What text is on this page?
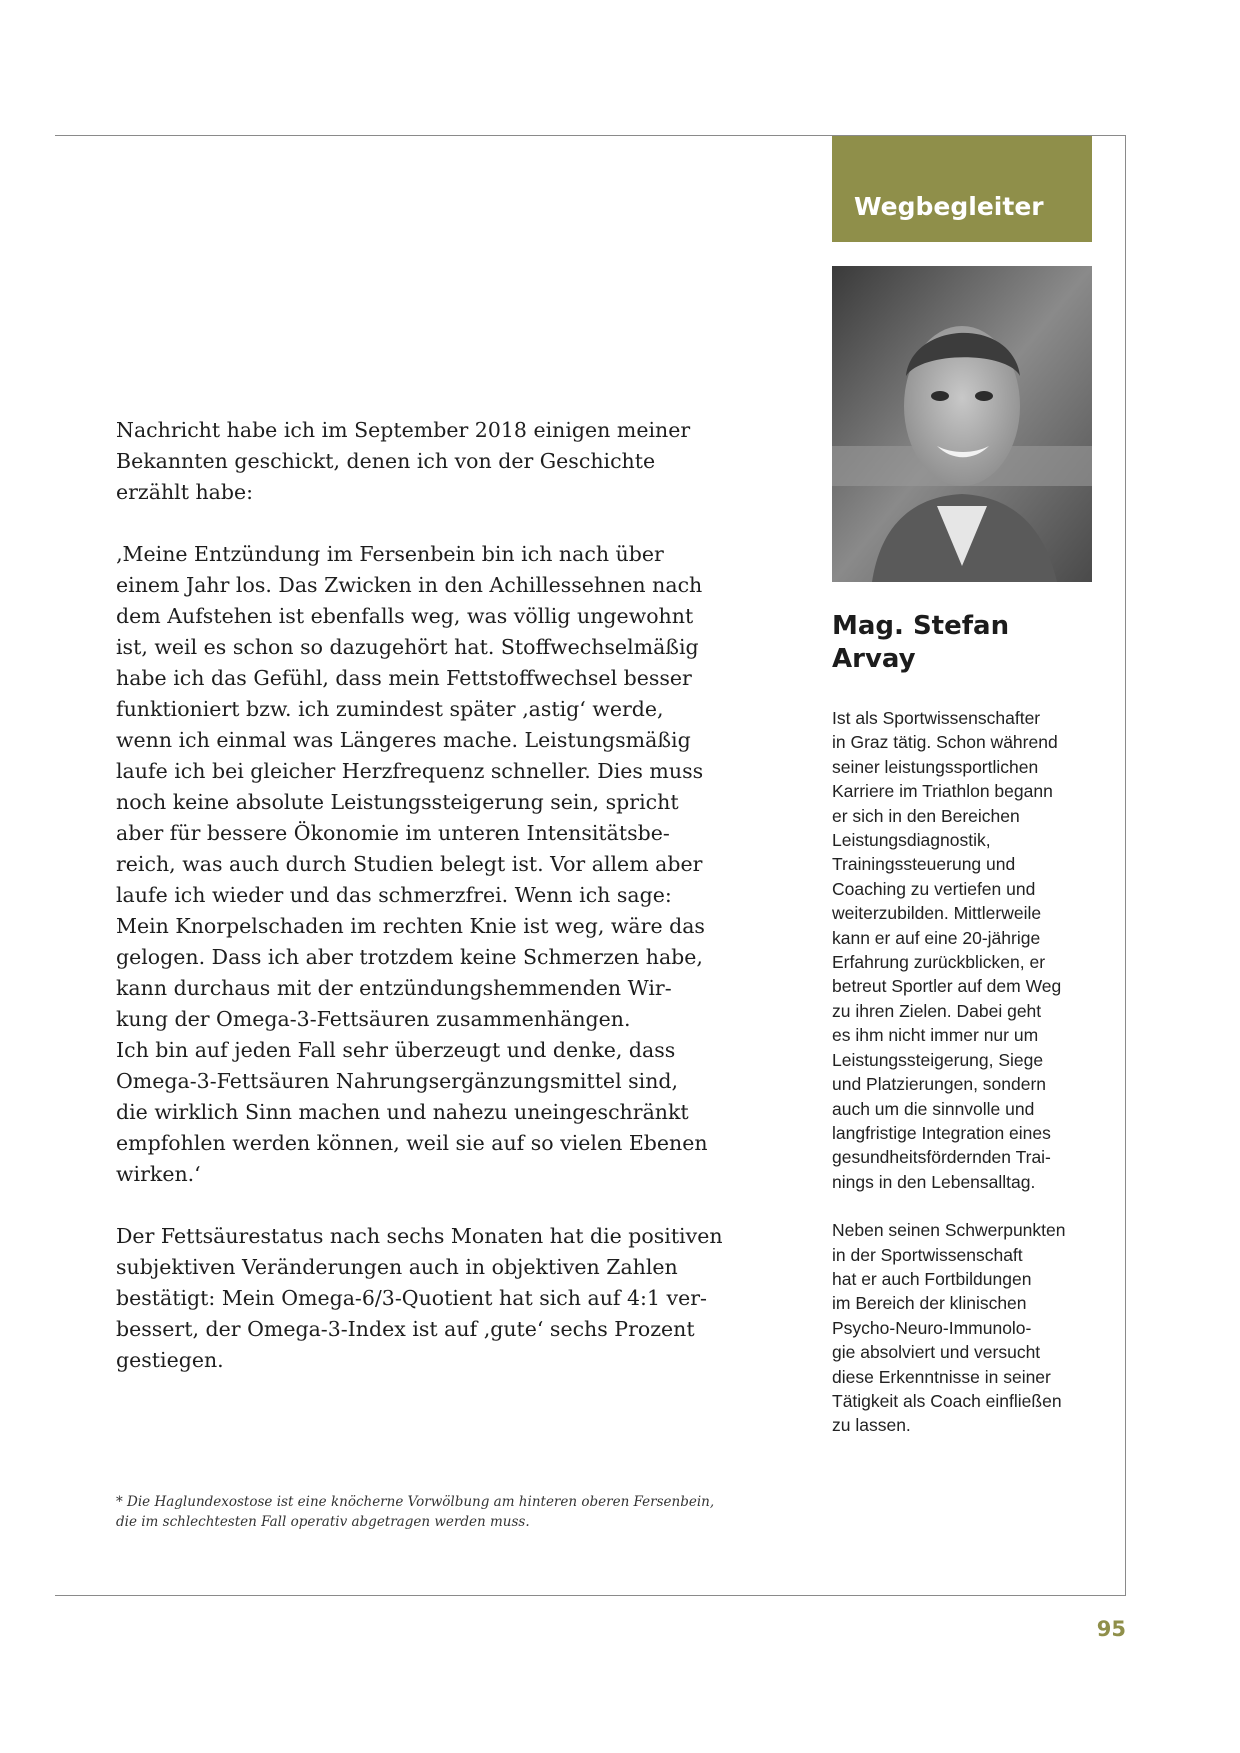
Nachricht habe ich im September 2018 einigen meiner
Bekannten geschickt, denen ich von der Geschichte
erzählt habe:

‚Meine Entzündung im Fersenbein bin ich nach über
einem Jahr los. Das Zwicken in den Achillessehnen nach
dem Aufstehen ist ebenfalls weg, was völlig ungewohnt
ist, weil es schon so dazugehört hat. Stoffwechselmäßig
habe ich das Gefühl, dass mein Fettstoffwechsel besser
funktioniert bzw. ich zumindest später ‚astig‘ werde,
wenn ich einmal was Längeres mache. Leistungsmäßig
laufe ich bei gleicher Herzfrequenz schneller. Dies muss
noch keine absolute Leistungssteigerung sein, spricht
aber für bessere Ökonomie im unteren Intensitätsbe-
reich, was auch durch Studien belegt ist. Vor allem aber
laufe ich wieder und das schmerzfrei. Wenn ich sage:
Mein Knorpelschaden im rechten Knie ist weg, wäre das
gelogen. Dass ich aber trotzdem keine Schmerzen habe,
kann durchaus mit der entzündungshemmenden Wir-
kung der Omega-3-Fettsäuren zusammenhängen.
Ich bin auf jeden Fall sehr überzeugt und denke, dass
Omega-3-Fettsäuren Nahrungsergänzungsmittel sind,
die wirklich Sinn machen und nahezu uneingeschränkt
empfohlen werden können, weil sie auf so vielen Ebenen
wirken.‘

Der Fettsäurestatus nach sechs Monaten hat die positiven
subjektiven Veränderungen auch in objektiven Zahlen
bestätigt: Mein Omega-6/3-Quotient hat sich auf 4:1 ver-
bessert, der Omega-3-Index ist auf ‚gute‘ sechs Prozent
gestiegen.

* Die Haglundexostose ist eine knöcherne Vorwölbung am hinteren oberen Fersenbein,
die im schlechtesten Fall operativ abgetragen werden muss.
Wegbegleiter
Mag. Stefan
Arvay

Ist als Sportwissenschafter
in Graz tätig. Schon während
seiner leistungssportlichen
Karriere im Triathlon begann
er sich in den Bereichen
Leistungsdiagnostik,
Trainingssteuerung und
Coaching zu vertiefen und
weiterzubilden. Mittlerweile
kann er auf eine 20-jährige
Erfahrung zurückblicken, er
betreut Sportler auf dem Weg
zu ihren Zielen. Dabei geht
es ihm nicht immer nur um
Leistungssteigerung, Siege
und Platzierungen, sondern
auch um die sinnvolle und
langfristige Integration eines
gesundheitsfördernden Trai-
nings in den Lebensalltag.

Neben seinen Schwerpunkten
in der Sportwissenschaft
hat er auch Fortbildungen
im Bereich der klinischen
Psycho-Neuro-Immunolo-
gie absolviert und versucht
diese Erkenntnisse in seiner
Tätigkeit als Coach einfließen
zu lassen.

95
